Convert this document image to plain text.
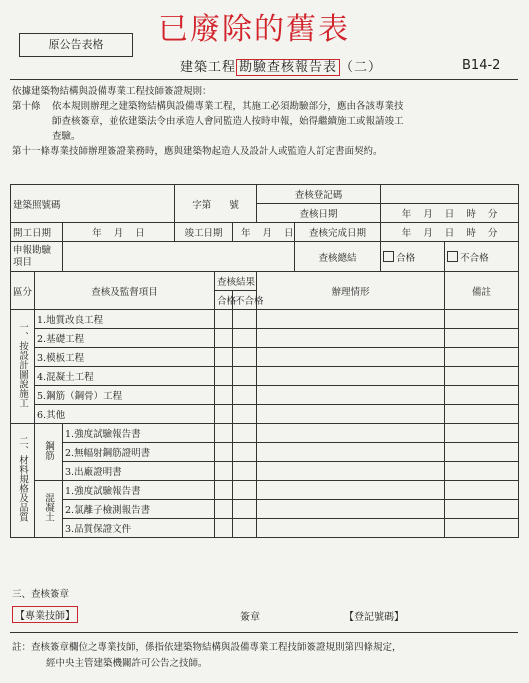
原公告表格	已廢除的舊表
建築工程 勘驗查核報告表 （二）	B14-2
依據建築物結構與設備專業工程技師簽證規則：
第十條 依本規則辦理之建築物結構與設備專業工程，其施工必須勘驗部分，應由各該專業技
師查核簽章，並依建築法令由承造人會同監造人按時申報，始得繼續施工或報請竣工
查驗。
第十一條專業技師辦理簽證業務時，應與建築物起造人及設計人或監造人訂定書面契約。
建築照號碼			字第 號			查核登記碼			
						查核日期		年 月 日 時 分	
開工日期		年 月 日	竣工日期		年 月 日		查核完成日期	年 月 日 時 分	
申報勘驗項目							查核總結	合格	不合格
區分	查核及監督項目			查核結果		辦理情形			備註
				合格	不合格				
一、按設計圖說施工	1.地質改良工程								
	2.基礎工程								
	3.模板工程								
	4.混凝土工程								
	5.鋼筋（鋼骨）工程								
	6.其他								
二、材料規格及品質	鋼筋	1.強度試驗報告書							
		2.無幅射鋼筋證明書							
		3.出廠證明書							
	混凝土	1.強度試驗報告書							
		2.氯離子檢測報告書							
		3.品質保證文件							
三、查核簽章
【專業技師】	簽章	【登記號碼】
註：查核簽章欄位之專業技師，係指依建築物結構與設備專業工程技師簽證規則第四條規定，
經中央主管建築機關許可公告之技師。
